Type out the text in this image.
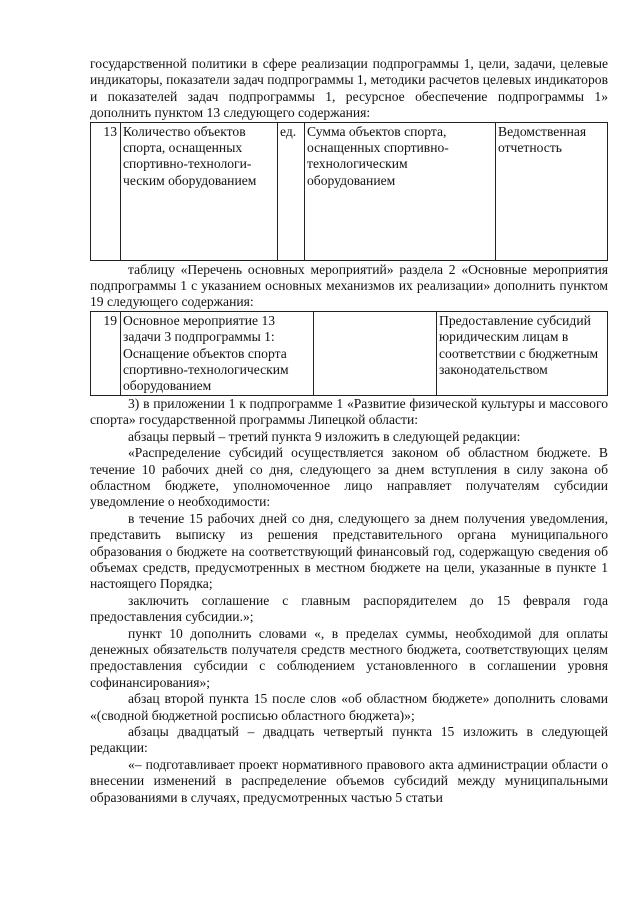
государственной политики в сфере реализации подпрограммы 1, цели, задачи, целевые индикаторы, показатели задач подпрограммы 1, методики расчетов целевых индикаторов и показателей задач подпрограммы 1, ресурсное обеспечение подпрограммы 1» дополнить пунктом 13 следующего содержания:

13	Количество объектов спорта, оснащенных спортивно-технологи-ческим оборудованием	ед.	Сумма объектов спорта, оснащенных спортивно-технологическим оборудованием	Ведомственная отчетность

таблицу «Перечень основных мероприятий» раздела 2 «Основные мероприятия подпрограммы 1 с указанием основных механизмов их реализации» дополнить пунктом 19 следующего содержания:

19	Основное мероприятие 13 задачи 3 подпрограммы 1: Оснащение объектов спорта спортивно-технологическим оборудованием		Предоставление субсидий юридическим лицам в соответствии с бюджетным законодательством

3) в приложении 1 к подпрограмме 1 «Развитие физической культуры и массового спорта» государственной программы Липецкой области:

абзацы первый – третий пункта 9 изложить в следующей редакции:

«Распределение субсидий осуществляется законом об областном бюджете. В течение 10 рабочих дней со дня, следующего за днем вступления в силу закона об областном бюджете, уполномоченное лицо направляет получателям субсидии уведомление о необходимости:

в течение 15 рабочих дней со дня, следующего за днем получения уведомления, представить выписку из решения представительного органа муниципального образования о бюджете на соответствующий финансовый год, содержащую сведения об объемах средств, предусмотренных в местном бюджете на цели, указанные в пункте 1 настоящего Порядка;

заключить соглашение с главным распорядителем до 15 февраля года предоставления субсидии.»;

пункт 10 дополнить словами «, в пределах суммы, необходимой для оплаты денежных обязательств получателя средств местного бюджета, соответствующих целям предоставления субсидии с соблюдением установленного в соглашении уровня софинансирования»;

абзац второй пункта 15 после слов «об областном бюджете» дополнить словами «(сводной бюджетной росписью областного бюджета)»;

абзацы двадцатый – двадцать четвертый пункта 15 изложить в следующей редакции:

«– подготавливает проект нормативного правового акта администрации области о внесении изменений в распределение объемов субсидий между муниципальными образованиями в случаях, предусмотренных частью 5 статьи
